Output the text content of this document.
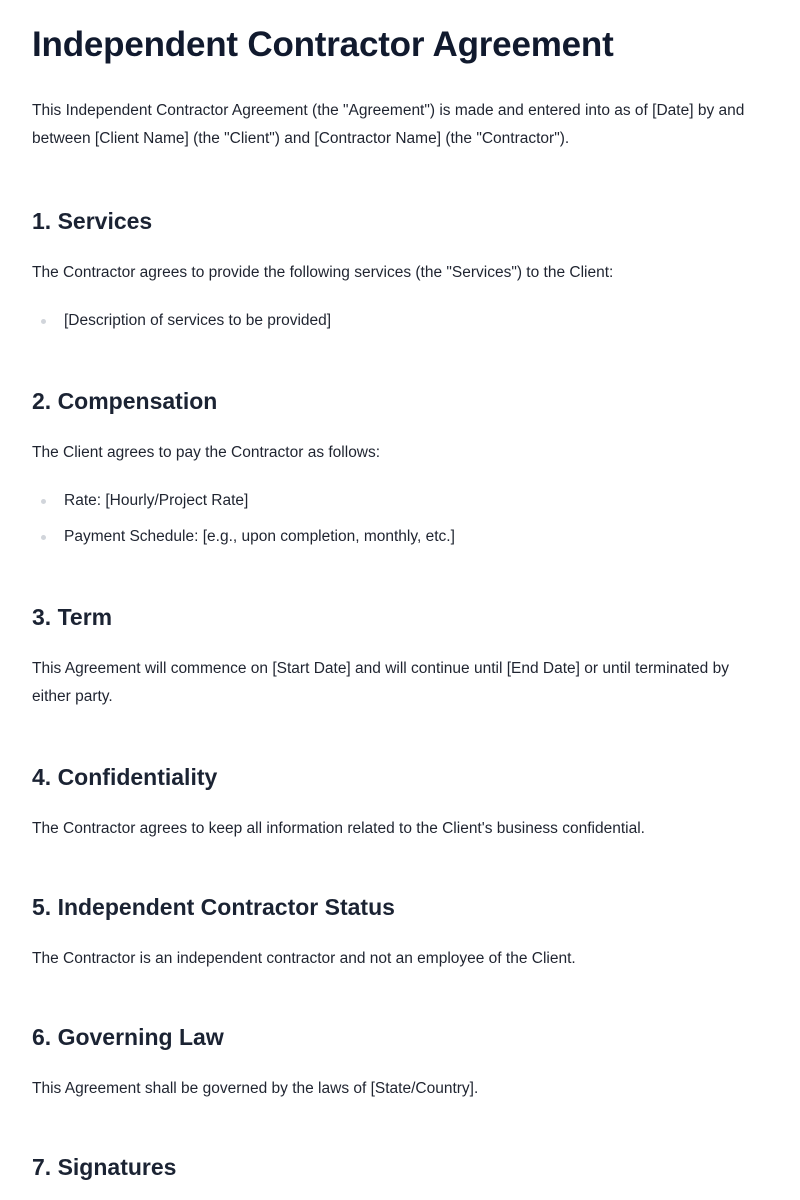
Independent Contractor Agreement

This Independent Contractor Agreement (the "Agreement") is made and entered into as of [Date] by and between [Client Name] (the "Client") and [Contractor Name] (the "Contractor").

1. Services

The Contractor agrees to provide the following services (the "Services") to the Client:

[Description of services to be provided]
2. Compensation

The Client agrees to pay the Contractor as follows:

Rate: [Hourly/Project Rate]
Payment Schedule: [e.g., upon completion, monthly, etc.]
3. Term

This Agreement will commence on [Start Date] and will continue until [End Date] or until terminated by either party.

4. Confidentiality

The Contractor agrees to keep all information related to the Client's business confidential.

5. Independent Contractor Status

The Contractor is an independent contractor and not an employee of the Client.

6. Governing Law

This Agreement shall be governed by the laws of [State/Country].

7. Signatures
